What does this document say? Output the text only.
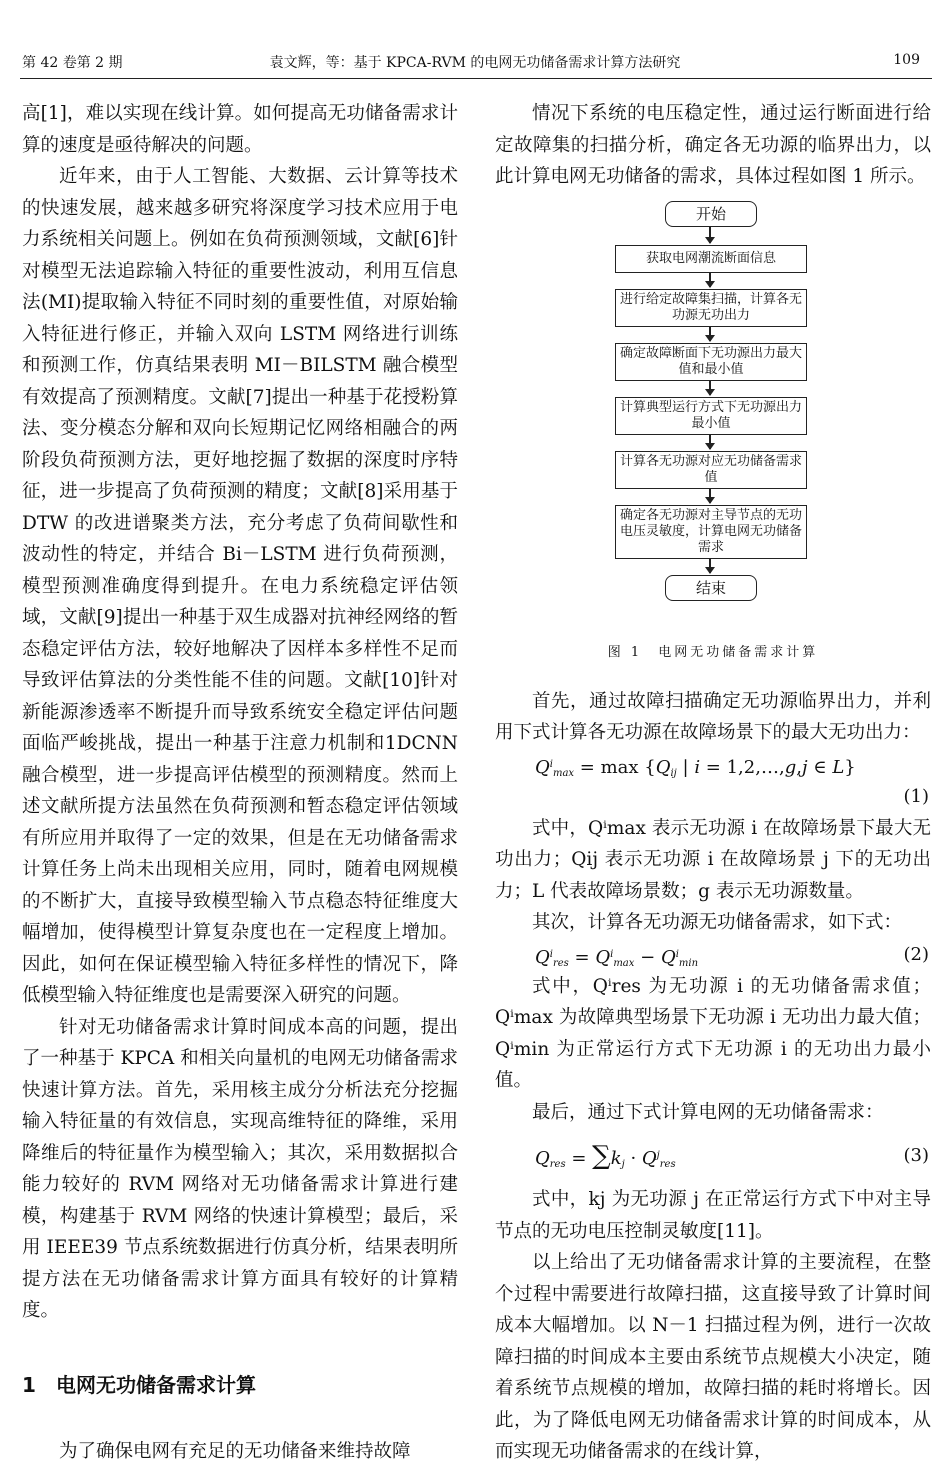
第 42 卷第 2 期	袁文辉，等：基于 KPCA-RVM 的电网无功储备需求计算方法研究	109

高[1]，难以实现在线计算。如何提高无功储备需求计算的速度是亟待解决的问题。

近年来，由于人工智能、大数据、云计算等技术的快速发展，越来越多研究将深度学习技术应用于电力系统相关问题上。例如在负荷预测领域，文献[6]针对模型无法追踪输入特征的重要性波动，利用互信息法(MI)提取输入特征不同时刻的重要性值，对原始输入特征进行修正，并输入双向 LSTM 网络进行训练和预测工作，仿真结果表明 MI－BILSTM 融合模型有效提高了预测精度。文献[7]提出一种基于花授粉算法、变分模态分解和双向长短期记忆网络相融合的两阶段负荷预测方法，更好地挖掘了数据的深度时序特征，进一步提高了负荷预测的精度；文献[8]采用基于 DTW 的改进谱聚类方法，充分考虑了负荷间歇性和波动性的特定，并结合 Bi－LSTM 进行负荷预测，模型预测准确度得到提升。在电力系统稳定评估领域，文献[9]提出一种基于双生成器对抗神经网络的暂态稳定评估方法，较好地解决了因样本多样性不足而导致评估算法的分类性能不佳的问题。文献[10]针对新能源渗透率不断提升而导致系统安全稳定评估问题面临严峻挑战，提出一种基于注意力机制和1DCNN 融合模型，进一步提高评估模型的预测精度。然而上述文献所提方法虽然在负荷预测和暂态稳定评估领域有所应用并取得了一定的效果，但是在无功储备需求计算任务上尚未出现相关应用，同时，随着电网规模的不断扩大，直接导致模型输入节点稳态特征维度大幅增加，使得模型计算复杂度也在一定程度上增加。因此，如何在保证模型输入特征多样性的情况下，降低模型输入特征维度也是需要深入研究的问题。

针对无功储备需求计算时间成本高的问题，提出了一种基于 KPCA 和相关向量机的电网无功储备需求快速计算方法。首先，采用核主成分分析法充分挖掘输入特征量的有效信息，实现高维特征的降维，采用降维后的特征量作为模型输入；其次，采用数据拟合能力较好的 RVM 网络对无功储备需求计算进行建模，构建基于 RVM 网络的快速计算模型；最后，采用 IEEE39 节点系统数据进行仿真分析，结果表明所提方法在无功储备需求计算方面具有较好的计算精度。

1 电网无功储备需求计算

为了确保电网有充足的无功储备来维持故障

情况下系统的电压稳定性，通过运行断面进行给定故障集的扫描分析，确定各无功源的临界出力，以此计算电网无功储备的需求，具体过程如图 1 所示。

开始
获取电网潮流断面信息
进行给定故障集扫描，计算各无功源无功出力
确定故障断面下无功源出力最大值和最小值
计算典型运行方式下无功源出力最小值
计算各无功源对应无功储备需求值
确定各无功源对主导节点的无功电压灵敏度，计算电网无功储备需求
结束
图 1　电网无功储备需求计算

首先，通过故障扫描确定无功源临界出力，并利用下式计算各无功源在故障场景下的最大无功出力：

$Q^i_{max} = \max \{Q_{ij}$ | i = 1,2,…,g,j ∈ L}
(1)

式中，Qⁱmax 表示无功源 i 在故障场景下最大无功出力；Qij 表示无功源 i 在故障场景 j 下的无功出力；L 代表故障场景数；g 表示无功源数量。

其次，计算各无功源无功储备需求，如下式：

$Q^i_{res} = Q^i_{max} - Q^i_{min}$	(2)

式中，Qⁱres 为无功源 i 的无功储备需求值；Qⁱmax 为故障典型场景下无功源 i 无功出力最大值；Qⁱmin 为正常运行方式下无功源 i 的无功出力最小值。

最后，通过下式计算电网的无功储备需求：

$Q_{res} = \sum k_j \cdot Q^j_{res}$	(3)

式中，kj 为无功源 j 在正常运行方式下中对主导节点的无功电压控制灵敏度[11]。

以上给出了无功储备需求计算的主要流程，在整个过程中需要进行故障扫描，这直接导致了计算时间成本大幅增加。以 N－1 扫描过程为例，进行一次故障扫描的时间成本主要由系统节点规模大小决定，随着系统节点规模的增加，故障扫描的耗时将增长。因此，为了降低电网无功储备需求计算的时间成本，从而实现无功储备需求的在线计算，
